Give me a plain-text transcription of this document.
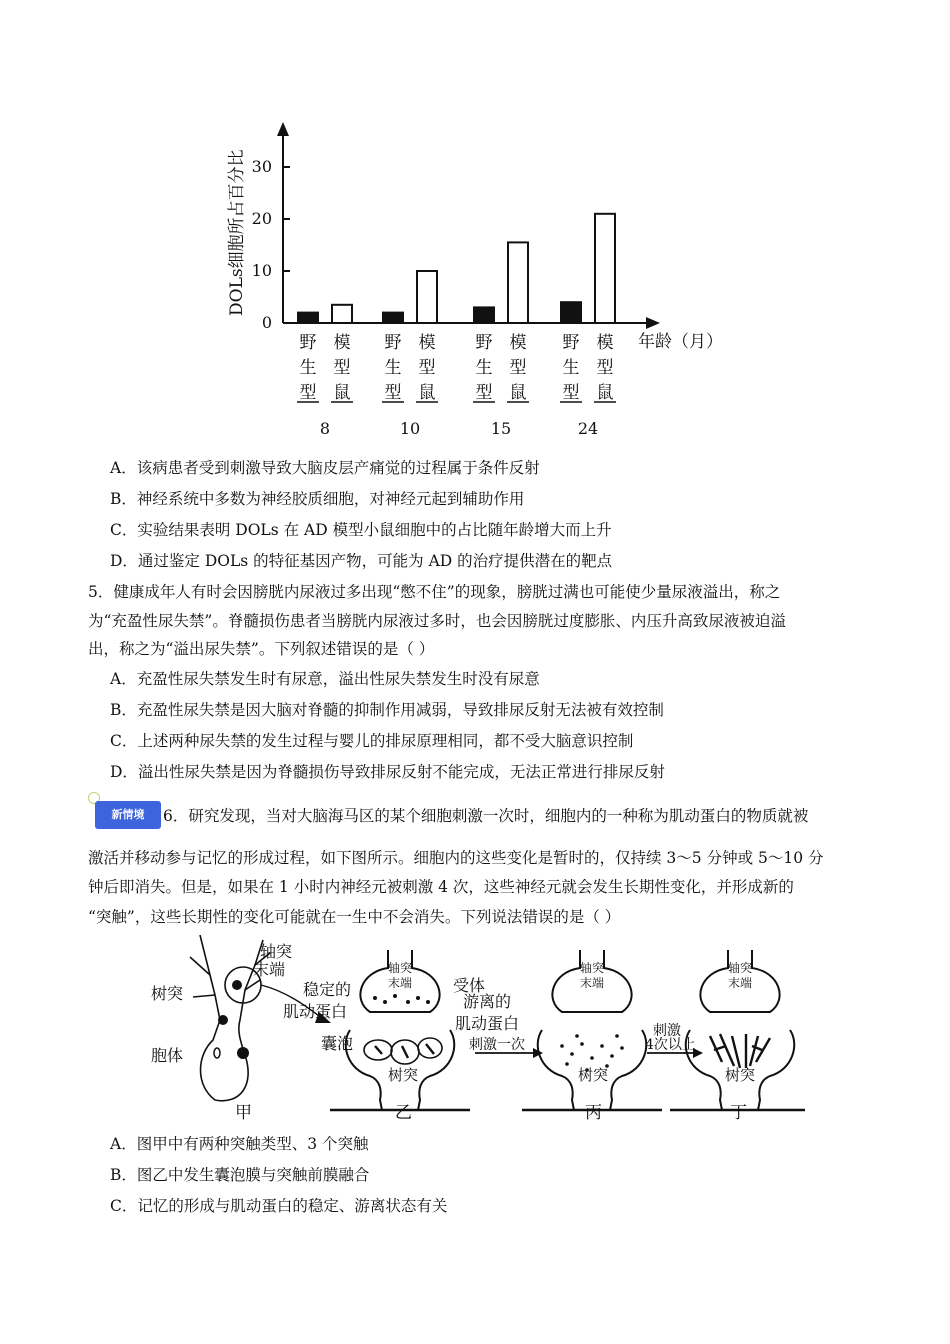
0
10
20
30
DOLs细胞所占百分比
年龄（月）
野
生
型
模
型
鼠
野
生
型
模
型
鼠
野
生
型
模
型
鼠
野
生
型
模
型
鼠
8	10	15	24
A．该病患者受到刺激导致大脑皮层产痛觉的过程属于条件反射
B．神经系统中多数为神经胶质细胞，对神经元起到辅助作用
C．实验结果表明 DOLs 在 AD 模型小鼠细胞中的占比随年龄增大而上升
D．通过鉴定 DOLs 的特征基因产物，可能为 AD 的治疗提供潜在的靶点
5．健康成年人有时会因膀胱内尿液过多出现“憋不住”的现象，膀胱过满也可能使少量尿液溢出，称之
为“充盈性尿失禁”。脊髓损伤患者当膀胱内尿液过多时，也会因膀胱过度膨胀、内压升高致尿液被迫溢
出，称之为“溢出尿失禁”。下列叙述错误的是（ ）
A．充盈性尿失禁发生时有尿意，溢出性尿失禁发生时没有尿意
B．充盈性尿失禁是因大脑对脊髓的抑制作用减弱，导致排尿反射无法被有效控制
C．上述两种尿失禁的发生过程与婴儿的排尿原理相同，都不受大脑意识控制
D．溢出性尿失禁是因为脊髓损伤导致排尿反射不能完成，无法正常进行排尿反射
新情境	6．研究发现，当对大脑海马区的某个细胞刺激一次时，细胞内的一种称为肌动蛋白的物质就被
激活并移动参与记忆的形成过程，如下图所示。细胞内的这些变化是暂时的，仅持续 3～5 分钟或 5～10 分
钟后即消失。但是，如果在 1 小时内神经元被刺激 4 次，这些神经元就会发生长期性变化，并形成新的
“突触”，这些长期性的变化可能就在一生中不会消失。下列说法错误的是（ ）
轴突
末端
树突
胞体
稳定的
肌动蛋白
受体
游离的
肌动蛋白
囊泡
轴突
末端
轴突
末端
轴突
末端
树突	树突	树突
刺激一次
刺激
4次以上
甲	乙	丙	丁
A．图甲中有两种突触类型、3 个突触
B．图乙中发生囊泡膜与突触前膜融合
C．记忆的形成与肌动蛋白的稳定、游离状态有关
